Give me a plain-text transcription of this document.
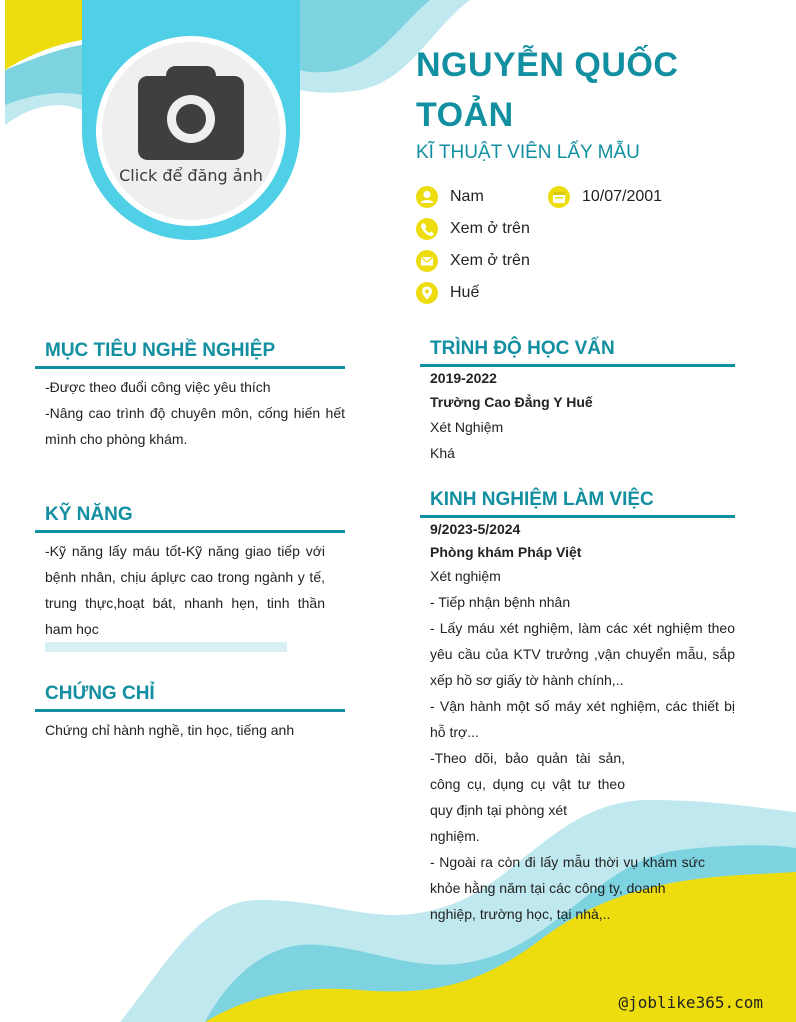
Click để đăng ảnh
NGUYỄN QUỐC
TOẢN
KĨ THUẬT VIÊN LẤY MẪU
Nam	10/07/2001
Xem ở trên
Xem ở trên
Huế
MỤC TIÊU NGHỀ NGHIỆP
-Được theo đuổi công việc yêu thích
-Nâng cao trình độ chuyên môn, cống hiến hết mình cho phòng khám.
KỸ NĂNG
-Kỹ năng lấy máu tốt-Kỹ năng giao tiếp với bệnh nhân, chịu áplực cao trong ngành y tế, trung thực,hoạt bát, nhanh hẹn, tinh thần ham học
CHỨNG CHỈ
Chứng chỉ hành nghề, tin học, tiếng anh
TRÌNH ĐỘ HỌC VẤN
2019-2022
Trường Cao Đẳng Y Huế
Xét Nghiệm
Khá
KINH NGHIỆM LÀM VIỆC
9/2023-5/2024
Phòng khám Pháp Việt
Xét nghiệm
- Tiếp nhận bệnh nhân
- Lấy máu xét nghiệm, làm các xét nghiệm theo yêu cầu của KTV trưởng ,vận chuyển mẫu, sắp xếp hồ sơ giấy tờ hành chính,..
- Vận hành một số máy xét nghiệm, các thiết bị hỗ trợ...
-Theo dõi, bảo quản tài sản, công cụ, dụng cụ vật tư theo quy định tại phòng xét
nghiệm.
- Ngoài ra còn đi lấy mẫu thời vụ khám sức khỏe hằng năm tại các công ty, doanh
nghiệp, trường học, tại nhà,..
@joblike365.com
